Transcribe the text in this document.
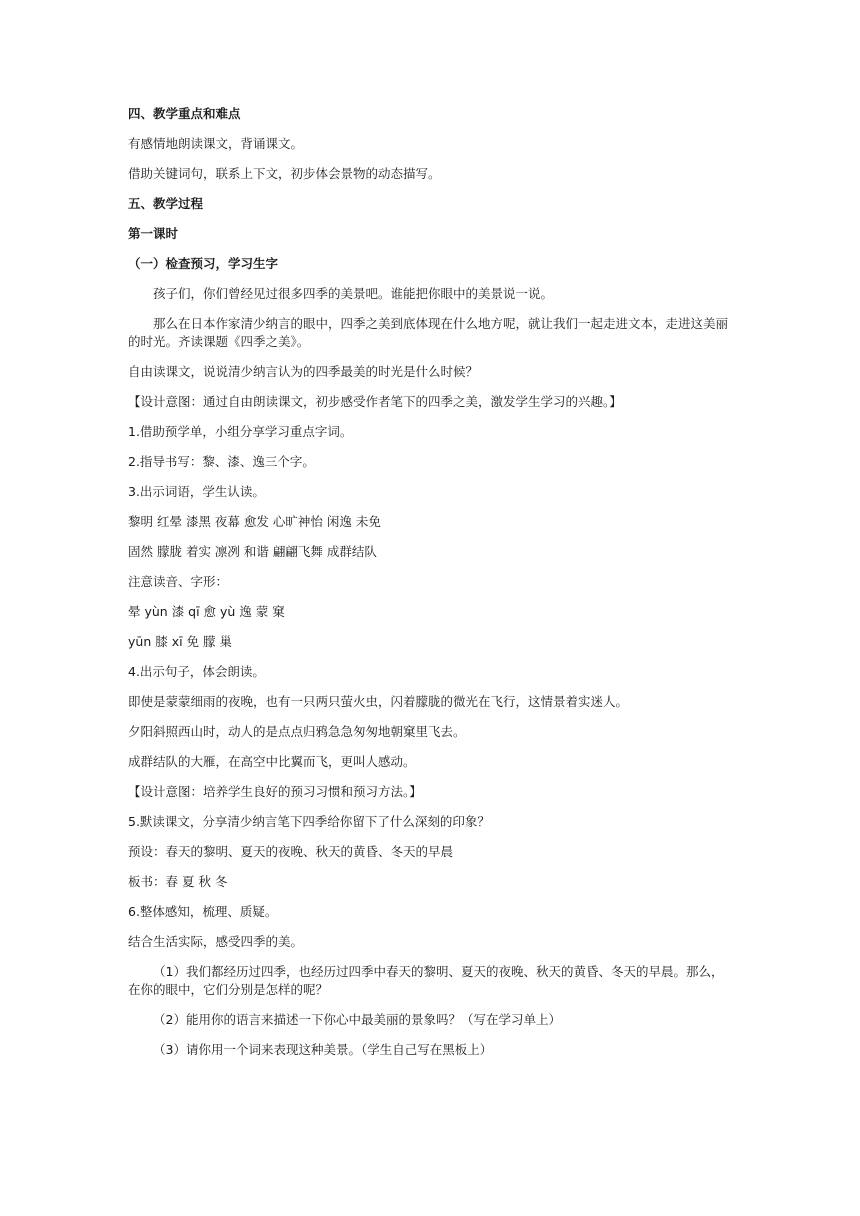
四、教学重点和难点

有感情地朗读课文，背诵课文。

借助关键词句，联系上下文，初步体会景物的动态描写。

五、教学过程

第一课时

（一）检查预习，学习生字

孩子们，你们曾经见过很多四季的美景吧。谁能把你眼中的美景说一说。

那么在日本作家清少纳言的眼中，四季之美到底体现在什么地方呢，就让我们一起走进文本，走进这美丽的时光。齐读课题《四季之美》。

自由读课文，说说清少纳言认为的四季最美的时光是什么时候？

【设计意图：通过自由朗读课文，初步感受作者笔下的四季之美，激发学生学习的兴趣。】

1.借助预学单，小组分享学习重点字词。

2.指导书写：黎、漆、逸三个字。

3.出示词语，学生认读。

黎明 红晕 漆黑 夜幕 愈发 心旷神怡 闲逸 未免

固然 朦胧 着实 凛冽 和谐 翩翩飞舞 成群结队

注意读音、字形：

晕 yùn 漆 qī 愈 yù 逸 蒙 窠

yūn 膝 xī 免 朦 巢

4.出示句子，体会朗读。

即使是蒙蒙细雨的夜晚，也有一只两只萤火虫，闪着朦胧的微光在飞行，这情景着实迷人。

夕阳斜照西山时，动人的是点点归鸦急急匆匆地朝窠里飞去。

成群结队的大雁，在高空中比翼而飞，更叫人感动。

【设计意图：培养学生良好的预习习惯和预习方法。】

5.默读课文，分享清少纳言笔下四季给你留下了什么深刻的印象？

预设：春天的黎明、夏天的夜晚、秋天的黄昏、冬天的早晨

板书：春 夏 秋 冬

6.整体感知，梳理、质疑。

结合生活实际，感受四季的美。

（1）我们都经历过四季，也经历过四季中春天的黎明、夏天的夜晚、秋天的黄昏、冬天的早晨。那么，在你的眼中，它们分别是怎样的呢？

（2）能用你的语言来描述一下你心中最美丽的景象吗？（写在学习单上）

（3）请你用一个词来表现这种美景。（学生自己写在黑板上）
